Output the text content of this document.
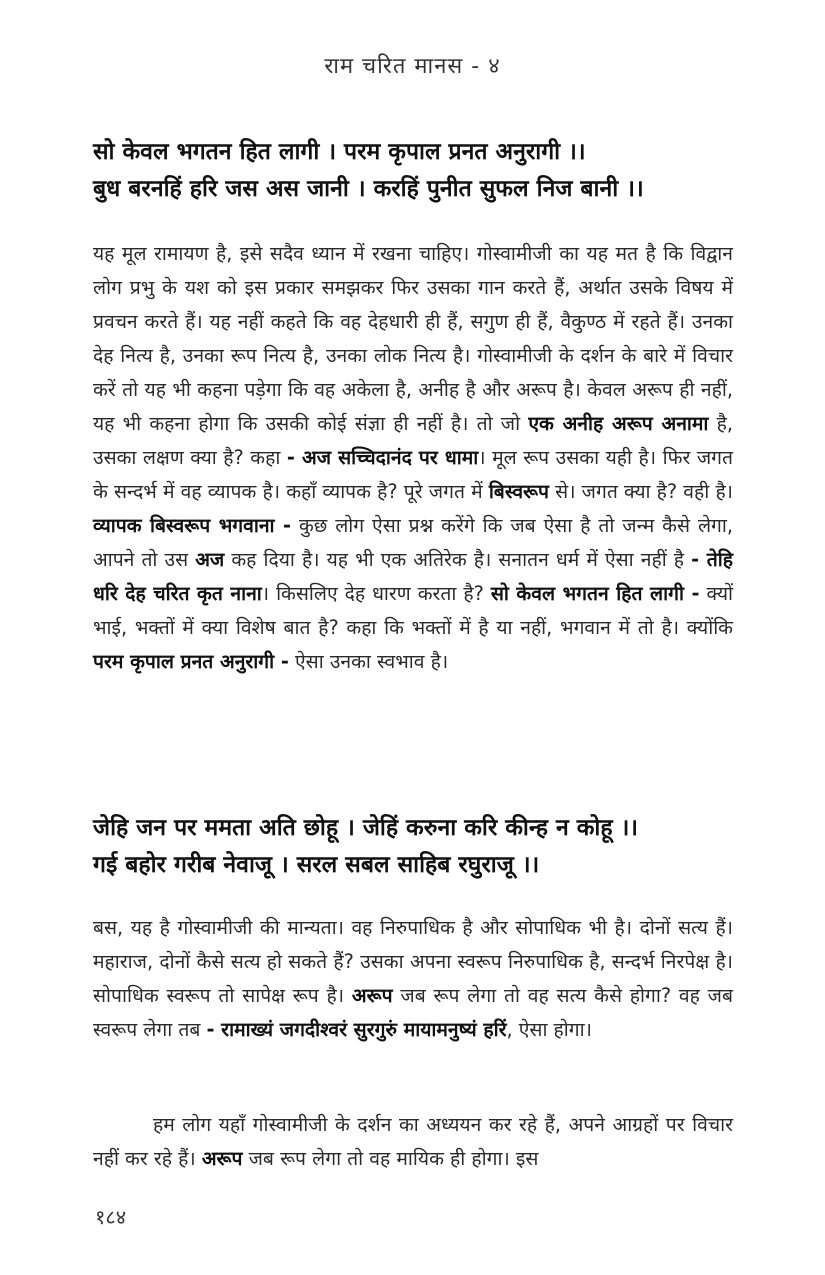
राम चरित मानस - ४
सो केवल भगतन हित लागी । परम कृपाल प्रनत अनुरागी ।।
बुध बरनहिं हरि जस अस जानी । करहिं पुनीत सुफल निज बानी ।।

यह मूल रामायण है, इसे सदैव ध्यान में रखना चाहिए। गोस्वामीजी का यह मत है कि विद्वान लोग प्रभु के यश को इस प्रकार समझकर फिर उसका गान करते हैं, अर्थात उसके विषय में प्रवचन करते हैं। यह नहीं कहते कि वह देहधारी ही हैं, सगुण ही हैं, वैकुण्ठ में रहते हैं। उनका देह नित्य है, उनका रूप नित्य है, उनका लोक नित्य है। गोस्वामीजी के दर्शन के बारे में विचार करें तो यह भी कहना पड़ेगा कि वह अकेला है, अनीह है और अरूप है। केवल अरूप ही नहीं, यह भी कहना होगा कि उसकी कोई संज्ञा ही नहीं है। तो जो एक अनीह अरूप अनामा है, उसका लक्षण क्या है? कहा - अज सच्चिदानंद पर धामा। मूल रूप उसका यही है। फिर जगत के सन्दर्भ में वह व्यापक है। कहाँ व्यापक है? पूरे जगत में बिस्वरूप से। जगत क्या है? वही है। व्यापक बिस्वरूप भगवाना - कुछ लोग ऐसा प्रश्न करेंगे कि जब ऐसा है तो जन्म कैसे लेगा, आपने तो उस अज कह दिया है। यह भी एक अतिरेक है। सनातन धर्म में ऐसा नहीं है - तेहि धरि देह चरित कृत नाना। किसलिए देह धारण करता है? सो केवल भगतन हित लागी - क्यों भाई, भक्तों में क्या विशेष बात है? कहा कि भक्तों में है या नहीं, भगवान में तो है। क्योंकि परम कृपाल प्रनत अनुरागी - ऐसा उनका स्वभाव है।

जेहि जन पर ममता अति छोहू । जेहिं करुना करि कीन्ह न कोहू ।।
गई बहोर गरीब नेवाजू । सरल सबल साहिब रघुराजू ।।

बस, यह है गोस्वामीजी की मान्यता। वह निरुपाधिक है और सोपाधिक भी है। दोनों सत्य हैं। महाराज, दोनों कैसे सत्य हो सकते हैं? उसका अपना स्वरूप निरुपाधिक है, सन्दर्भ निरपेक्ष है। सोपाधिक स्वरूप तो सापेक्ष रूप है। अरूप जब रूप लेगा तो वह सत्य कैसे होगा? वह जब स्वरूप लेगा तब - रामाख्यं जगदीश्वरं सुरगुरुं मायामनुष्यं हरिं, ऐसा होगा।

हम लोग यहाँ गोस्वामीजी के दर्शन का अध्ययन कर रहे हैं, अपने आग्रहों पर विचार नहीं कर रहे हैं। अरूप जब रूप लेगा तो वह मायिक ही होगा। इस

१८४
